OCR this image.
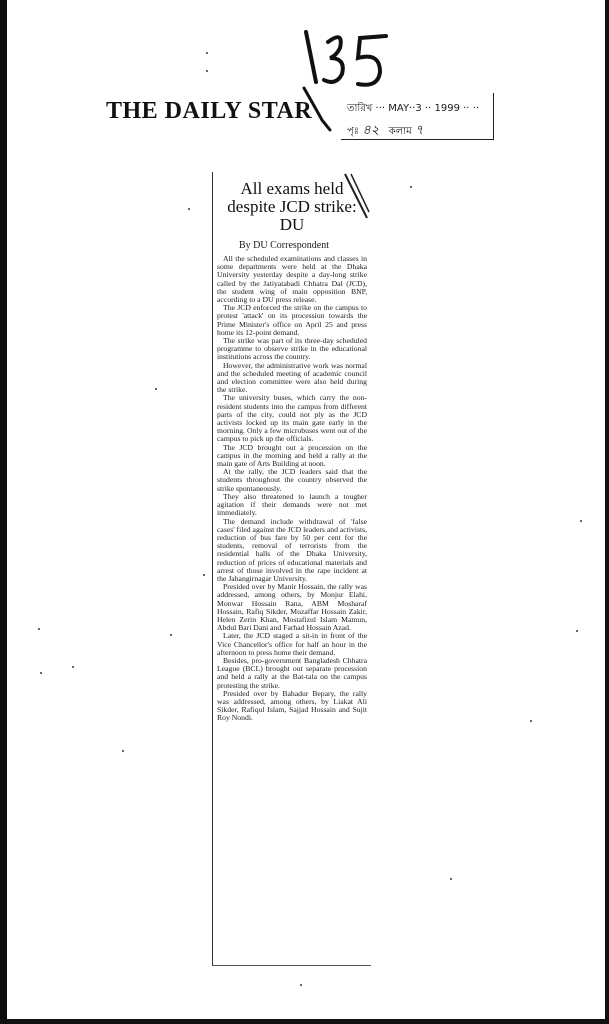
THE DAILY STAR	তারিখ ··· MAY··3 ·· 1999 ·· ··
পৃঃ ৪২ কলাম ৭
All exams held despite JCD strike: DU
By DU Correspondent

All the scheduled examinations and classes in some departments were held at the Dhaka University yesterday despite a day-long strike called by the Jatiyatabadi Chhatra Dal (JCD), the student wing of main opposition BNP, according to a DU press release.

The JCD enforced the strike on the campus to protest 'attack' on its procession towards the Prime Minister's office on April 25 and press home its 12-point demand.

The strike was part of its three-day scheduled programme to observe strike in the educational institutions across the country.

However, the administrative work was normal and the scheduled meeting of academic council and election committee were also held during the strike.

The university buses, which carry the non-resident students into the campus from different parts of the city, could not ply as the JCD activists locked up its main gate early in the morning. Only a few microbuses went out of the campus to pick up the officials.

The JCD brought out a procession on the campus in the morning and held a rally at the main gate of Arts Building at noon.

At the rally, the JCD leaders said that the students throughout the country observed the strike spontaneously.

They also threatened to launch a tougher agitation if their demands were not met immediately.

The demand include withdrawal of 'false cases' filed against the JCD leaders and activists, reduction of bus fare by 50 per cent for the students, removal of terrorists from the residential halls of the Dhaka University, reduction of prices of educational materials and arrest of those involved in the rape incident at the Jahangirnagar University.

Presided over by Manir Hossain, the rally was addressed, among others, by Monjur Elahi, Monwar Hossain Rana, ABM Mosharaf Hossain, Rafiq Sikder, Muzaffar Hossain Zakir, Helen Zerin Khan, Mostafizul Islam Mamun, Abdul Bari Dani and Farhad Hossain Azad.

Later, the JCD staged a sit-in in front of the Vice Chancellor's office for half an hour in the afternoon to press home their demand.

Besides, pro-government Bangladesh Chhatra League (BCL) brought out separate procession and held a rally at the Bat-tala on the campus protesting the strike.

Presided over by Bahadur Bepary, the rally was addressed, among others, by Liakat Ali Sikder, Rafiqul Islam, Sajjad Hossain and Sujit Roy Nondi.
